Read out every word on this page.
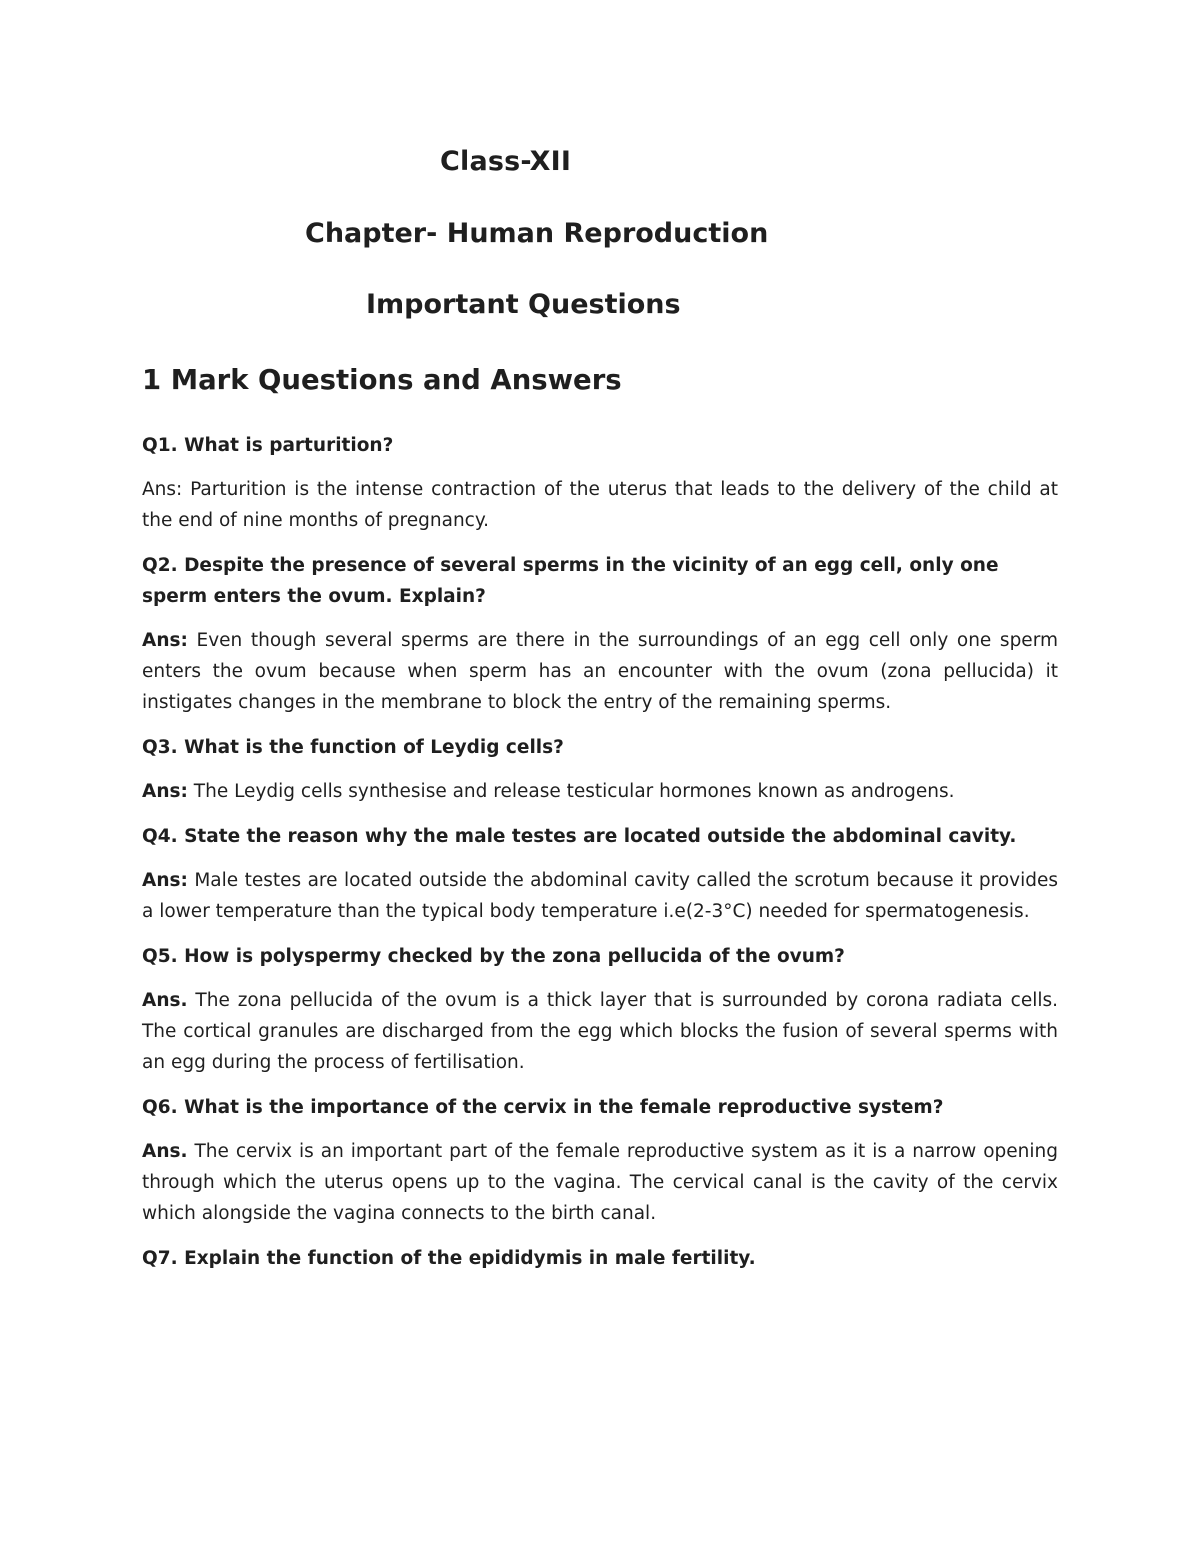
Class-XII
Chapter- Human Reproduction
Important Questions
1 Mark Questions and Answers

Q1. What is parturition?

Ans: Parturition is the intense contraction of the uterus that leads to the delivery of the child at the end of nine months of pregnancy.

Q2. Despite the presence of several sperms in the vicinity of an egg cell, only one sperm enters the ovum. Explain?

Ans: Even though several sperms are there in the surroundings of an egg cell only one sperm enters the ovum because when sperm has an encounter with the ovum (zona pellucida) it instigates changes in the membrane to block the entry of the remaining sperms.

Q3. What is the function of Leydig cells?

Ans: The Leydig cells synthesise and release testicular hormones known as androgens.

Q4. State the reason why the male testes are located outside the abdominal cavity.

Ans: Male testes are located outside the abdominal cavity called the scrotum because it provides a lower temperature than the typical body temperature i.e(2-3°C) needed for spermatogenesis.

Q5. How is polyspermy checked by the zona pellucida of the ovum?

Ans. The zona pellucida of the ovum is a thick layer that is surrounded by corona radiata cells. The cortical granules are discharged from the egg which blocks the fusion of several sperms with an egg during the process of fertilisation.

Q6. What is the importance of the cervix in the female reproductive system?

Ans. The cervix is an important part of the female reproductive system as it is a narrow opening through which the uterus opens up to the vagina. The cervical canal is the cavity of the cervix which alongside the vagina connects to the birth canal.

Q7. Explain the function of the epididymis in male fertility.
